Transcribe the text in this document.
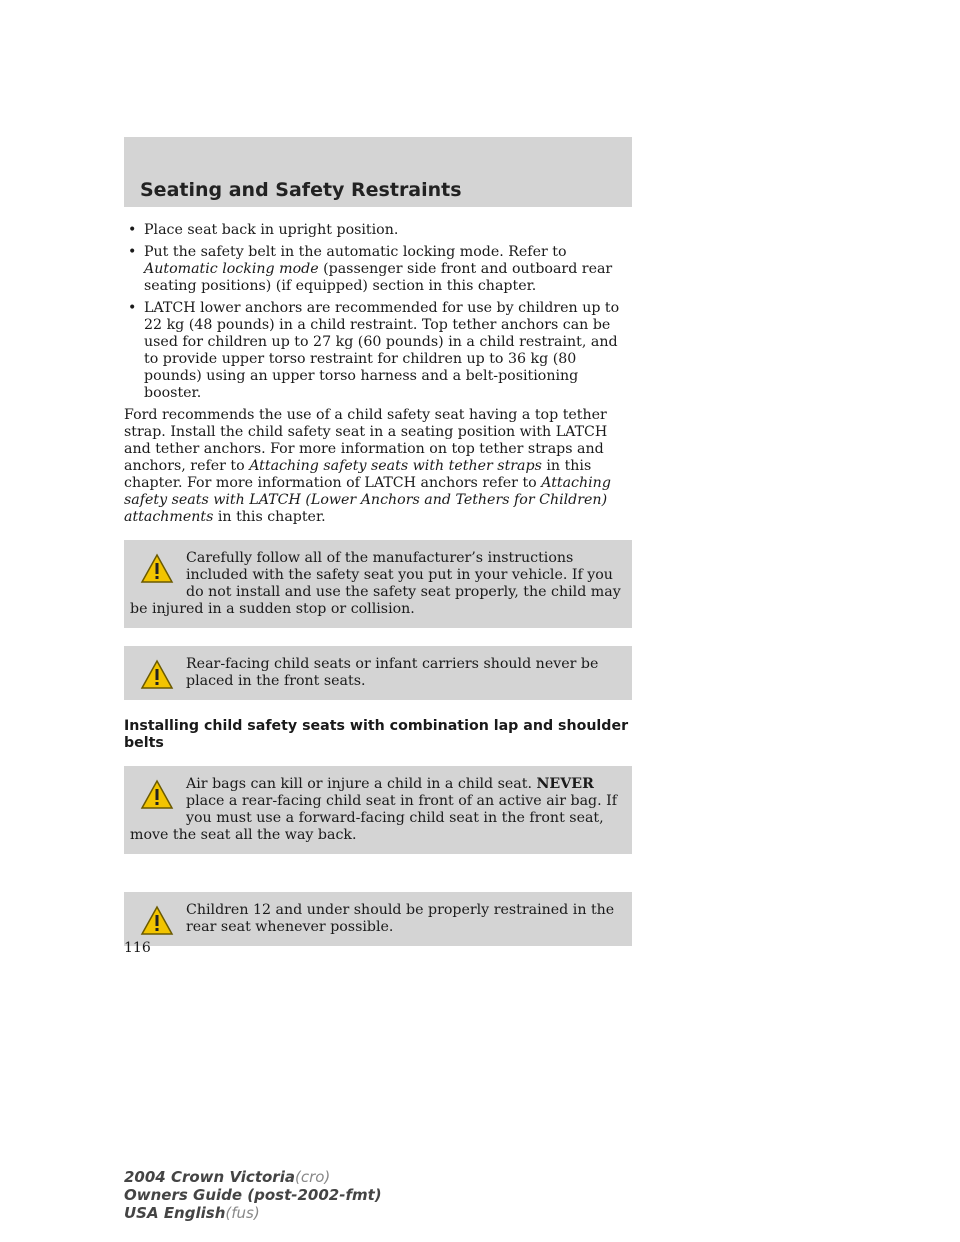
Seating and Safety Restraints
• Place seat back in upright position.
• Put the safety belt in the automatic locking mode. Refer to Automatic locking mode (passenger side front and outboard rear seating positions) (if equipped) section in this chapter.
• LATCH lower anchors are recommended for use by children up to 22 kg (48 pounds) in a child restraint. Top tether anchors can be used for children up to 27 kg (60 pounds) in a child restraint, and to provide upper torso restraint for children up to 36 kg (80 pounds) using an upper torso harness and a belt-positioning booster.

Ford recommends the use of a child safety seat having a top tether strap. Install the child safety seat in a seating position with LATCH and tether anchors. For more information on top tether straps and anchors, refer to Attaching safety seats with tether straps in this chapter. For more information of LATCH anchors refer to Attaching safety seats with LATCH (Lower Anchors and Tethers for Children) attachments in this chapter.

Carefully follow all of the manufacturer’s instructions included with the safety seat you put in your vehicle. If you do not install and use the safety seat properly, the child may be injured in a sudden stop or collision.
Rear-facing child seats or infant carriers should never be placed in the front seats.
Installing child safety seats with combination lap and shoulder belts
Air bags can kill or injure a child in a child seat. NEVER place a rear-facing child seat in front of an active air bag. If you must use a forward-facing child seat in the front seat, move the seat all the way back.
Children 12 and under should be properly restrained in the rear seat whenever possible.
116
2004 Crown Victoria(cro)
Owners Guide (post-2002-fmt)
USA English(fus)
